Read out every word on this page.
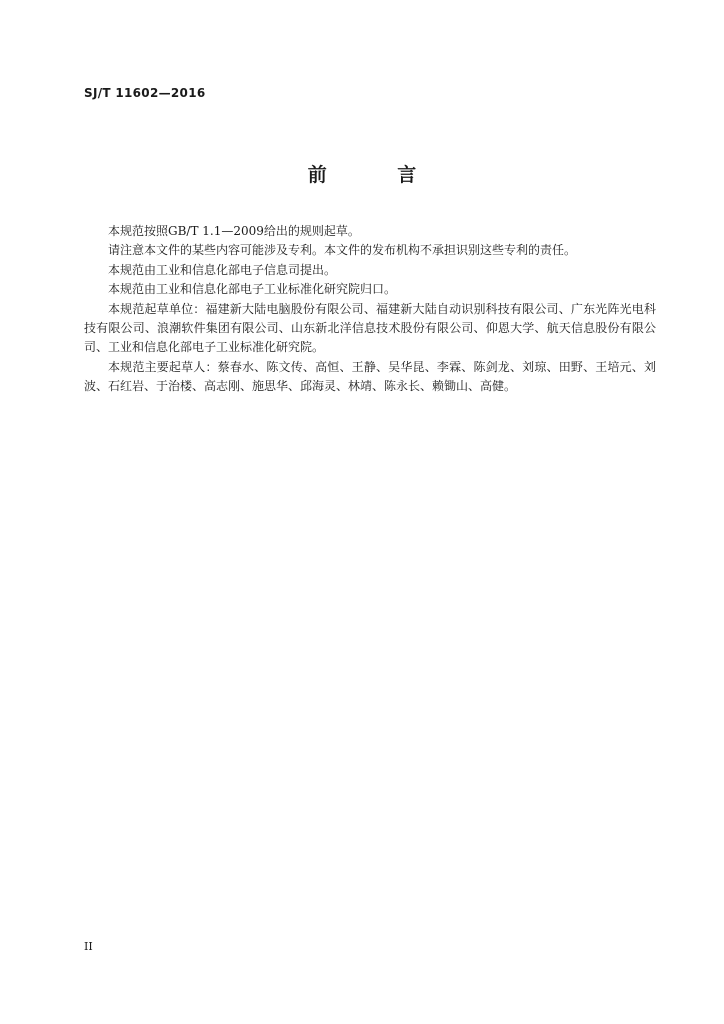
SJ/T 11602—2016
前 言

本规范按照GB/T 1.1—2009给出的规则起草。

请注意本文件的某些内容可能涉及专利。本文件的发布机构不承担识别这些专利的责任。

本规范由工业和信息化部电子信息司提出。

本规范由工业和信息化部电子工业标准化研究院归口。

本规范起草单位：福建新大陆电脑股份有限公司、福建新大陆自动识别科技有限公司、广东光阵光电科技有限公司、浪潮软件集团有限公司、山东新北洋信息技术股份有限公司、仰恩大学、航天信息股份有限公司、工业和信息化部电子工业标准化研究院。

本规范主要起草人：蔡春水、陈文传、高恒、王静、吴华昆、李霖、陈剑龙、刘琼、田野、王培元、刘波、石红岩、于治楼、高志刚、施思华、邱海灵、林靖、陈永长、赖锄山、高健。

II
